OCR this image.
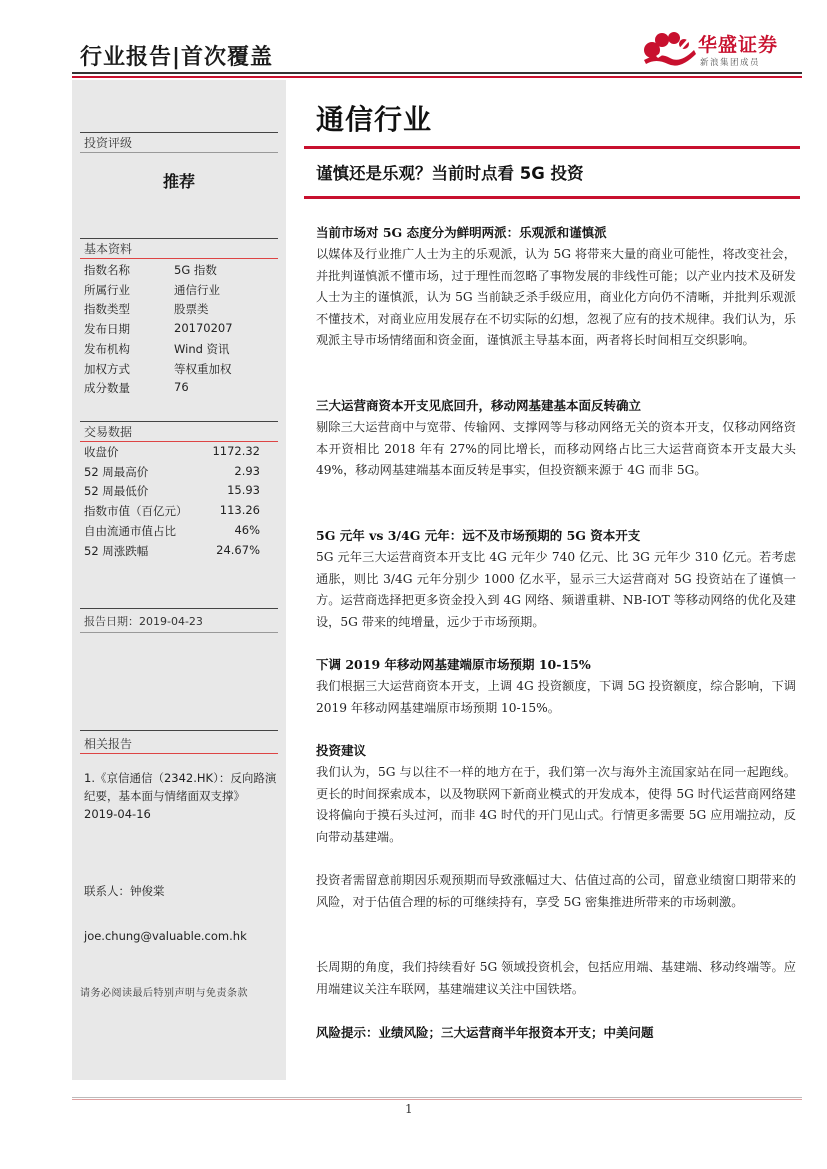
行业报告|首次覆盖	华盛证券
新浪集团成员
投资评级
推荐
基本资料
指数名称	5G 指数
所属行业	通信行业
指数类型	股票类
发布日期	20170207
发布机构	Wind 资讯
加权方式	等权重加权
成分数量	76
交易数据
收盘价	1172.32
52 周最高价	2.93
52 周最低价	15.93
指数市值（百亿元）	113.26
自由流通市值占比	46%
52 周涨跌幅	24.67%
报告日期：2019-04-23
相关报告
1.《京信通信（2342.HK）：反向路演纪要，基本面与情绪面双支撑》
2019-04-16
联系人：钟俊棠
joe.chung@valuable.com.hk
请务必阅读最后特别声明与免责条款
通信行业
谨慎还是乐观？当前时点看 5G 投资
当前市场对 5G 态度分为鲜明两派：乐观派和谨慎派

以媒体及行业推广人士为主的乐观派，认为 5G 将带来大量的商业可能性，将改变社会，并批判谨慎派不懂市场，过于理性而忽略了事物发展的非线性可能；以产业内技术及研发人士为主的谨慎派，认为 5G 当前缺乏杀手级应用，商业化方向仍不清晰，并批判乐观派不懂技术，对商业应用发展存在不切实际的幻想，忽视了应有的技术规律。我们认为，乐观派主导市场情绪面和资金面，谨慎派主导基本面，两者将长时间相互交织影响。

三大运营商资本开支见底回升，移动网基建基本面反转确立

剔除三大运营商中与宽带、传输网、支撑网等与移动网络无关的资本开支，仅移动网络资本开资相比 2018 年有 27%的同比增长，而移动网络占比三大运营商资本开支最大头 49%，移动网基建端基本面反转是事实，但投资额来源于 4G 而非 5G。

5G 元年 vs 3/4G 元年：远不及市场预期的 5G 资本开支

5G 元年三大运营商资本开支比 4G 元年少 740 亿元、比 3G 元年少 310 亿元。若考虑通胀，则比 3/4G 元年分别少 1000 亿水平，显示三大运营商对 5G 投资站在了谨慎一方。运营商选择把更多资金投入到 4G 网络、频谱重耕、NB-IOT 等移动网络的优化及建设，5G 带来的纯增量，远少于市场预期。

下调 2019 年移动网基建端原市场预期 10-15%

我们根据三大运营商资本开支，上调 4G 投资额度，下调 5G 投资额度，综合影响，下调 2019 年移动网基建端原市场预期 10-15%。

投资建议

我们认为，5G 与以往不一样的地方在于，我们第一次与海外主流国家站在同一起跑线。更长的时间探索成本，以及物联网下新商业模式的开发成本，使得 5G 时代运营商网络建设将偏向于摸石头过河，而非 4G 时代的开门见山式。行情更多需要 5G 应用端拉动，反向带动基建端。

投资者需留意前期因乐观预期而导致涨幅过大、估值过高的公司，留意业绩窗口期带来的风险，对于估值合理的标的可继续持有，享受 5G 密集推进所带来的市场刺激。

长周期的角度，我们持续看好 5G 领域投资机会，包括应用端、基建端、移动终端等。应用端建议关注车联网，基建端建议关注中国铁塔。

风险提示：业绩风险；三大运营商半年报资本开支；中美问题
1
